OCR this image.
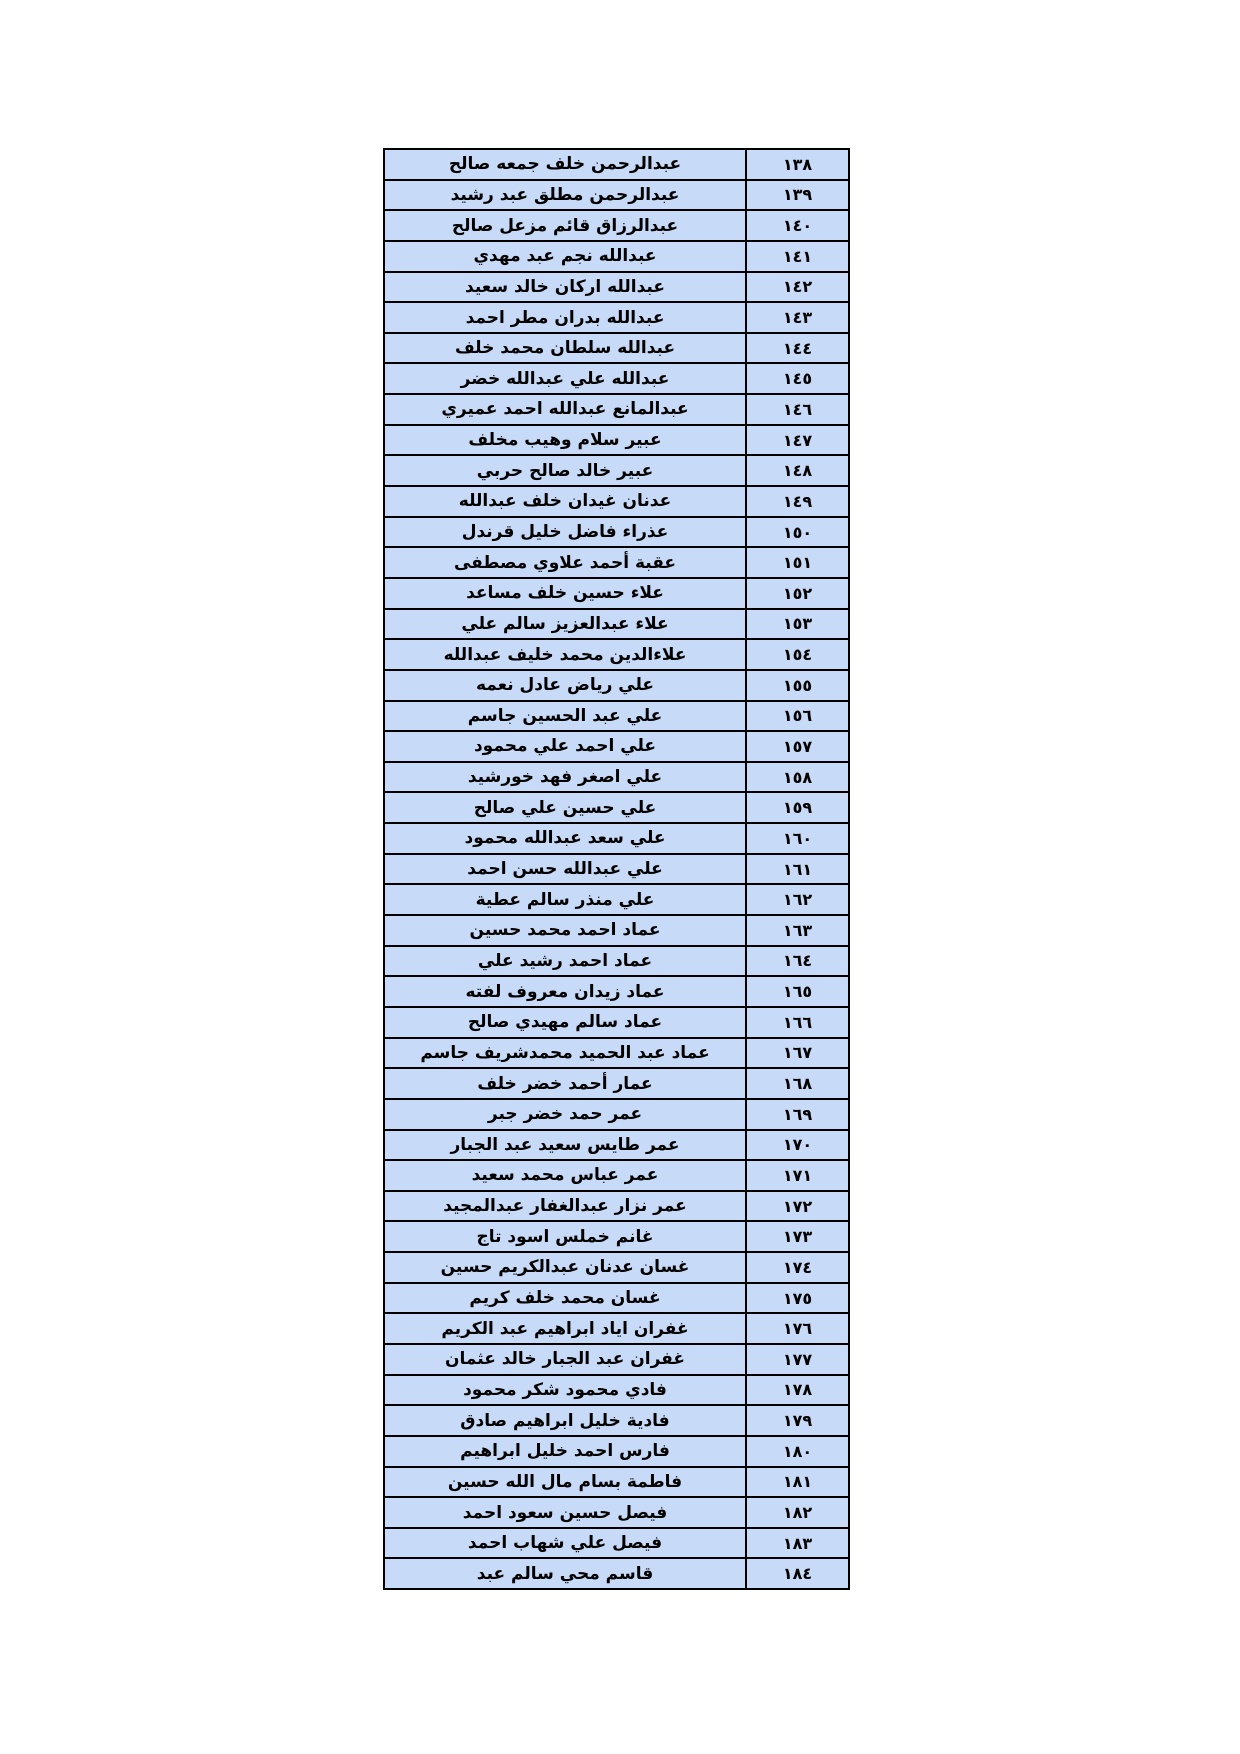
١٣٨
عبدالرحمن خلف جمعه صالح
١٣٩
عبدالرحمن مطلق عبد رشيد
١٤٠
عبدالرزاق قائم مزعل صالح
١٤١
عبدالله نجم عبد مهدي
١٤٢
عبدالله اركان خالد سعيد
١٤٣
عبدالله بدران مطر احمد
١٤٤
عبدالله سلطان محمد خلف
١٤٥
عبدالله علي عبدالله خضر
١٤٦
عبدالمانع عبدالله احمد عميري
١٤٧
عبير سلام وهيب مخلف
١٤٨
عبير خالد صالح حربي
١٤٩
عدنان غيدان خلف عبدالله
١٥٠
عذراء فاضل خليل قرندل
١٥١
عقبة أحمد علاوي مصطفى
١٥٢
علاء حسين خلف مساعد
١٥٣
علاء عبدالعزيز سالم علي
١٥٤
علاءالدين محمد خليف عبدالله
١٥٥
علي رياض عادل نعمه
١٥٦
علي عبد الحسين جاسم
١٥٧
علي احمد علي محمود
١٥٨
علي اصغر فهد خورشيد
١٥٩
علي حسين علي صالح
١٦٠
علي سعد عبدالله محمود
١٦١
علي عبدالله حسن احمد
١٦٢
علي منذر سالم عطية
١٦٣
عماد احمد محمد حسين
١٦٤
عماد احمد رشيد علي
١٦٥
عماد زيدان معروف لفته
١٦٦
عماد سالم مهيدي صالح
١٦٧
عماد عبد الحميد محمدشريف جاسم
١٦٨
عمار أحمد خضر خلف
١٦٩
عمر حمد خضر جبر
١٧٠
عمر طايس سعيد عبد الجبار
١٧١
عمر عباس محمد سعيد
١٧٢
عمر نزار عبدالغفار عبدالمجيد
١٧٣
غانم خملس اسود تاج
١٧٤
غسان عدنان عبدالكريم حسين
١٧٥
غسان محمد خلف كريم
١٧٦
غفران اياد ابراهيم عبد الكريم
١٧٧
غفران عبد الجبار خالد عثمان
١٧٨
فادي محمود شكر محمود
١٧٩
فادية خليل ابراهيم صادق
١٨٠
فارس احمد خليل ابراهيم
١٨١
فاطمة بسام مال الله حسين
١٨٢
فيصل حسين سعود احمد
١٨٣
فيصل علي شهاب احمد
١٨٤
قاسم محي سالم عبد
